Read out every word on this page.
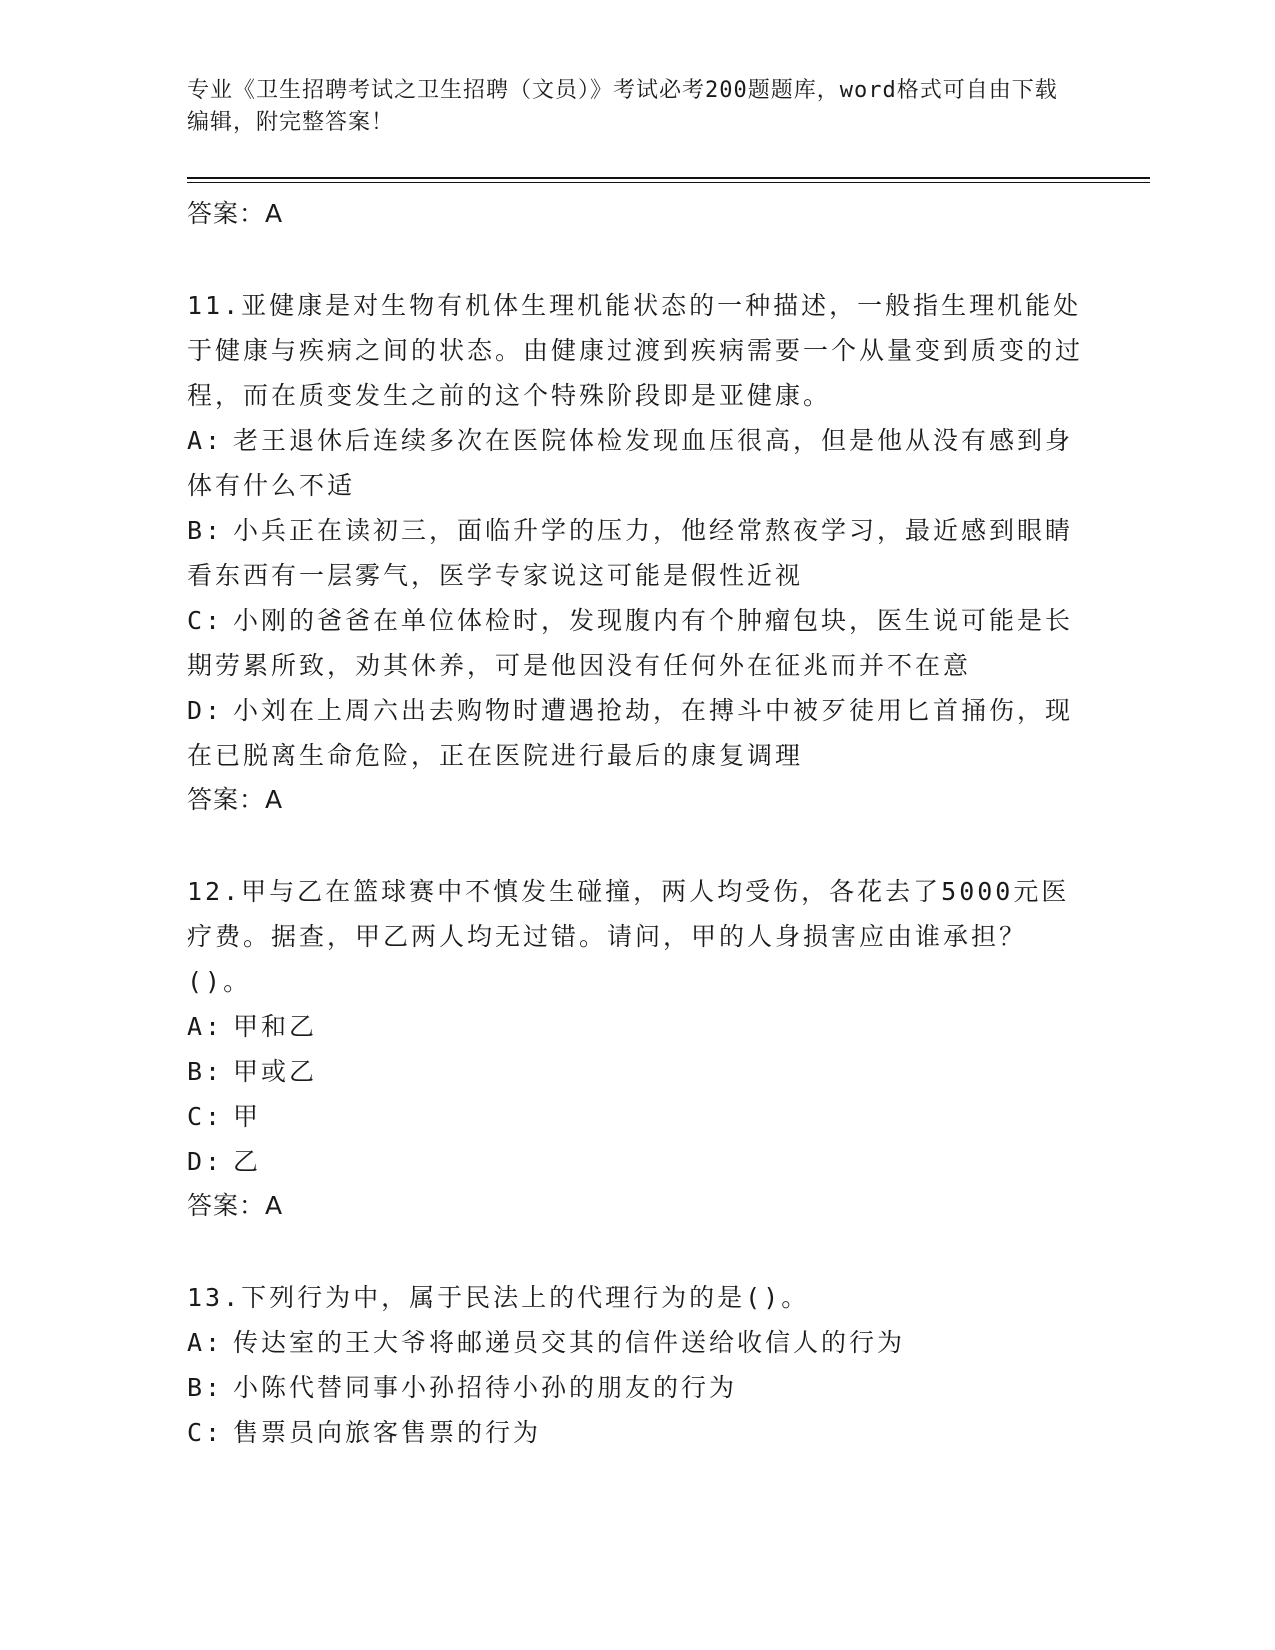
专业《卫生招聘考试之卫生招聘（文员）》考试必考200题题库，word格式可自由下载编辑，附完整答案！
答案：A
11.亚健康是对生物有机体生理机能状态的一种描述，一般指生理机能处于健康与疾病之间的状态。由健康过渡到疾病需要一个从量变到质变的过程，而在质变发生之前的这个特殊阶段即是亚健康。
A: 老王退休后连续多次在医院体检发现血压很高，但是他从没有感到身体有什么不适
B: 小兵正在读初三，面临升学的压力，他经常熬夜学习，最近感到眼睛看东西有一层雾气，医学专家说这可能是假性近视
C: 小刚的爸爸在单位体检时，发现腹内有个肿瘤包块，医生说可能是长期劳累所致，劝其休养，可是他因没有任何外在征兆而并不在意
D: 小刘在上周六出去购物时遭遇抢劫，在搏斗中被歹徒用匕首捅伤，现在已脱离生命危险，正在医院进行最后的康复调理
答案：A
12.甲与乙在篮球赛中不慎发生碰撞，两人均受伤，各花去了5000元医疗费。据查，甲乙两人均无过错。请问，甲的人身损害应由谁承担？()。
A: 甲和乙
B: 甲或乙
C: 甲
D: 乙
答案：A
13.下列行为中，属于民法上的代理行为的是()。
A: 传达室的王大爷将邮递员交其的信件送给收信人的行为
B: 小陈代替同事小孙招待小孙的朋友的行为
C: 售票员向旅客售票的行为
